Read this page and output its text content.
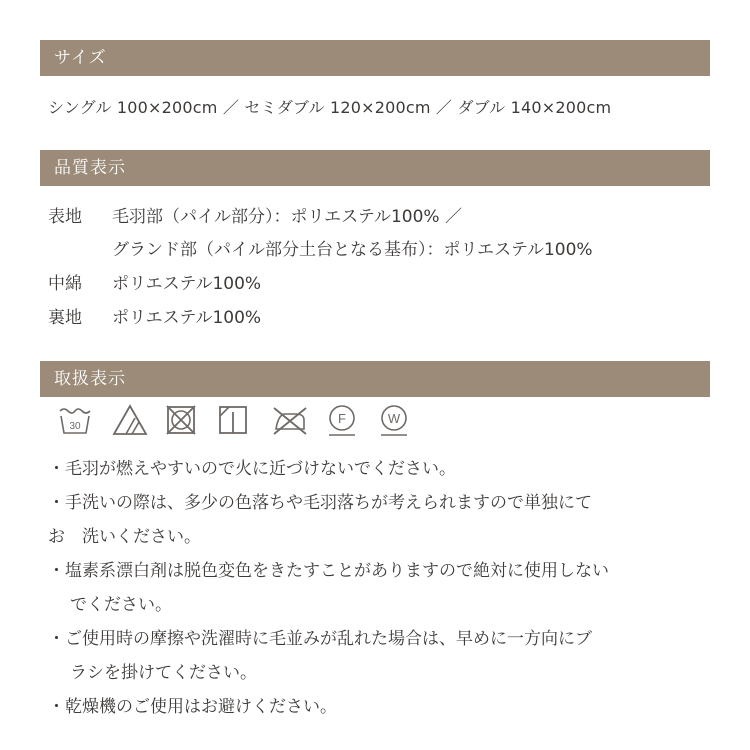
サイズ
シングル 100×200cm ／ セミダブル 120×200cm ／ ダブル 140×200cm
品質表示
表地 毛羽部（パイル部分）：ポリエステル100% ／
グランド部（パイル部分土台となる基布）：ポリエステル100%
中綿 ポリエステル100%
裏地 ポリエステル100%
取扱表示
30
F	W

・毛羽が燃えやすいので火に近づけないでください。

・手洗いの際は、多少の色落ちや毛羽落ちが考えられますので単独にて

お　洗いください。

・塩素系漂白剤は脱色変色をきたすことがありますので絶対に使用しない

でください。

・ご使用時の摩擦や洗濯時に毛並みが乱れた場合は、早めに一方向にブ

ラシを掛けてください。

・乾燥機のご使用はお避けください。
